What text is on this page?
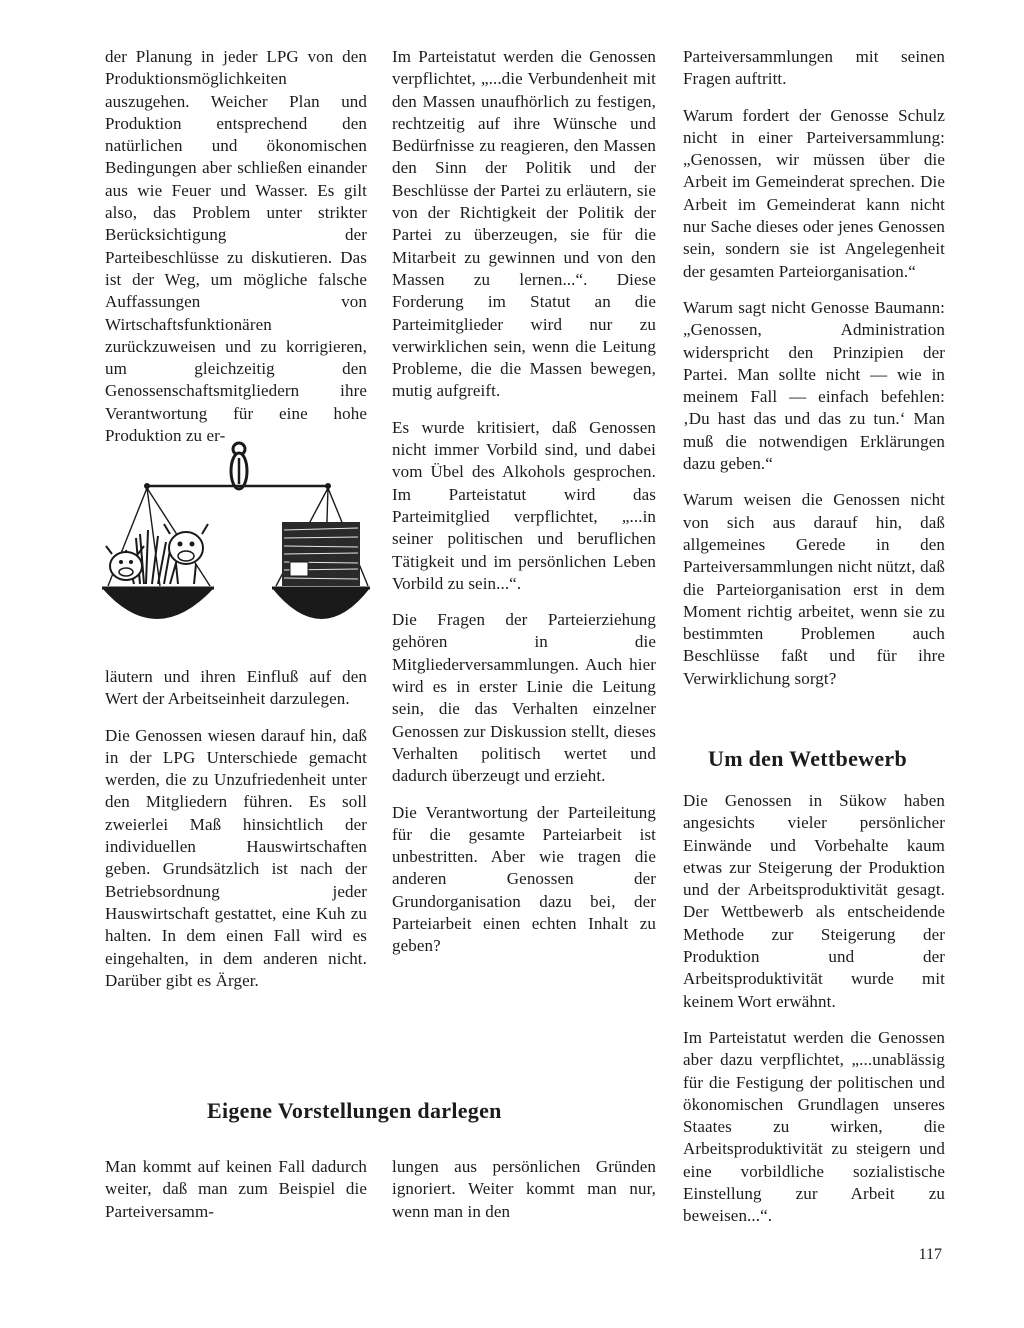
der Planung in jeder LPG von den Produktionsmöglichkeiten auszugehen. Weicher Plan und Produktion entsprechend den natürlichen und ökonomischen Bedingungen aber schließen einander aus wie Feuer und Wasser. Es gilt also, das Problem unter strikter Berücksichtigung der Parteibeschlüsse zu diskutieren. Das ist der Weg, um mögliche falsche Auffassungen von Wirtschaftsfunktionären zurückzuweisen und zu korrigieren, um gleichzeitig den Genossenschaftsmitgliedern ihre Verantwortung für eine hohe Produktion zu er-

läutern und ihren Einfluß auf den Wert der Arbeitseinheit darzulegen.

Die Genossen wiesen darauf hin, daß in der LPG Unterschiede gemacht werden, die zu Unzufriedenheit unter den Mitgliedern führen. Es soll zweierlei Maß hinsichtlich der individuellen Hauswirtschaften geben. Grundsätzlich ist nach der Betriebsordnung jeder Hauswirtschaft gestattet, eine Kuh zu halten. In dem einen Fall wird es eingehalten, in dem anderen nicht. Darüber gibt es Ärger.

Im Parteistatut werden die Genossen verpflichtet, „...die Verbundenheit mit den Massen unaufhörlich zu festigen, rechtzeitig auf ihre Wünsche und Bedürfnisse zu reagieren, den Massen den Sinn der Politik und der Beschlüsse der Partei zu erläutern, sie von der Richtigkeit der Politik der Partei zu überzeugen, sie für die Mitarbeit zu gewinnen und von den Massen zu lernen...“. Diese Forderung im Statut an die Parteimitglieder wird nur zu verwirklichen sein, wenn die Leitung Probleme, die die Massen bewegen, mutig aufgreift.

Es wurde kritisiert, daß Genossen nicht immer Vorbild sind, und dabei vom Übel des Alkohols gesprochen. Im Parteistatut wird das Parteimitglied verpflichtet, „...in seiner politischen und beruflichen Tätigkeit und im persönlichen Leben Vorbild zu sein...“.

Die Fragen der Parteierziehung gehören in die Mitgliederversammlungen. Auch hier wird es in erster Linie die Leitung sein, die das Verhalten einzelner Genossen zur Diskussion stellt, dieses Verhalten politisch wertet und dadurch überzeugt und erzieht.

Die Verantwortung der Parteileitung für die gesamte Parteiarbeit ist unbestritten. Aber wie tragen die anderen Genossen der Grundorganisation dazu bei, der Parteiarbeit einen echten Inhalt zu geben?

Parteiversammlungen mit seinen Fragen auftritt.

Warum fordert der Genosse Schulz nicht in einer Parteiversammlung: „Genossen, wir müssen über die Arbeit im Gemeinderat sprechen. Die Arbeit im Gemeinderat kann nicht nur Sache dieses oder jenes Genossen sein, sondern sie ist Angelegenheit der gesamten Parteiorganisation.“

Warum sagt nicht Genosse Baumann: „Genossen, Administration widerspricht den Prinzipien der Partei. Man sollte nicht — wie in meinem Fall — einfach befehlen: ‚Du hast das und das zu tun.‘ Man muß die notwendigen Erklärungen dazu geben.“

Warum weisen die Genossen nicht von sich aus darauf hin, daß allgemeines Gerede in den Parteiversammlungen nicht nützt, daß die Parteiorganisation erst in dem Moment richtig arbeitet, wenn sie zu bestimmten Problemen auch Beschlüsse faßt und für ihre Verwirklichung sorgt?

Um den Wettbewerb

Die Genossen in Sükow haben angesichts vieler persönlicher Einwände und Vorbehalte kaum etwas zur Steigerung der Produktion und der Arbeitsproduktivität gesagt. Der Wettbewerb als entscheidende Methode zur Steigerung der Produktion und der Arbeitsproduktivität wurde mit keinem Wort erwähnt.

Im Parteistatut werden die Genossen aber dazu verpflichtet, „...unablässig für die Festigung der politischen und ökonomischen Grundlagen unseres Staates zu wirken, die Arbeitsproduktivität zu steigern und eine vorbildliche sozialistische Einstellung zur Arbeit zu beweisen...“.

Eigene Vorstellungen darlegen

Man kommt auf keinen Fall dadurch weiter, daß man zum Beispiel die Parteiversamm-

lungen aus persönlichen Gründen ignoriert. Weiter kommt man nur, wenn man in den

117
